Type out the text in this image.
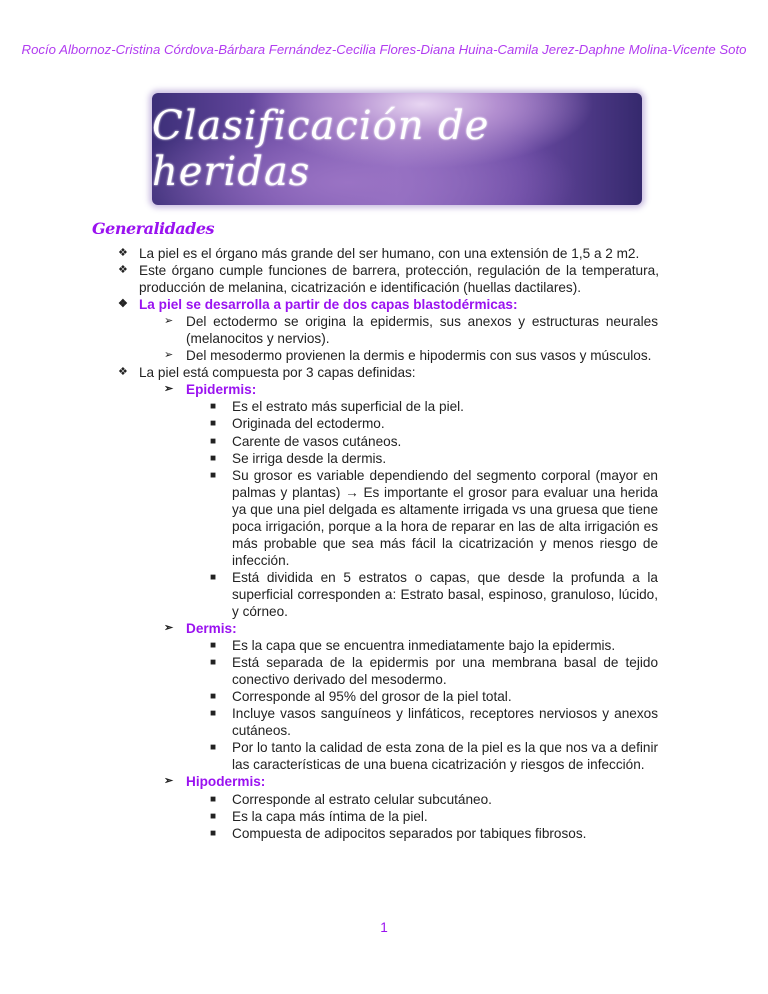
Rocío Albornoz-Cristina Córdova-Bárbara Fernández-Cecilia Flores-Diana Huina-Camila Jerez-Daphne Molina-Vicente Soto
Clasificación de heridas
Generalidades
❖ La piel es el órgano más grande del ser humano, con una extensión de 1,5 a 2 m2.
❖ Este órgano cumple funciones de barrera, protección, regulación de la temperatura, producción de melanina, cicatrización e identificación (huellas dactilares).
❖ La piel se desarrolla a partir de dos capas blastodérmicas:
➢ Del ectodermo se origina la epidermis, sus anexos y estructuras neurales (melanocitos y nervios).
➢ Del mesodermo provienen la dermis e hipodermis con sus vasos y músculos.
❖ La piel está compuesta por 3 capas definidas:
➢ Epidermis:
■ Es el estrato más superficial de la piel.
■ Originada del ectodermo.
■ Carente de vasos cutáneos.
■ Se irriga desde la dermis.
■ Su grosor es variable dependiendo del segmento corporal (mayor en palmas y plantas) → Es importante el grosor para evaluar una herida ya que una piel delgada es altamente irrigada vs una gruesa que tiene poca irrigación, porque a la hora de reparar en las de alta irrigación es más probable que sea más fácil la cicatrización y menos riesgo de infección.
■ Está dividida en 5 estratos o capas, que desde la profunda a la superficial corresponden a: Estrato basal, espinoso, granuloso, lúcido, y córneo.
➢ Dermis:
■ Es la capa que se encuentra inmediatamente bajo la epidermis.
■ Está separada de la epidermis por una membrana basal de tejido conectivo derivado del mesodermo.
■ Corresponde al 95% del grosor de la piel total.
■ Incluye vasos sanguíneos y linfáticos, receptores nerviosos y anexos cutáneos.
■ Por lo tanto la calidad de esta zona de la piel es la que nos va a definir las características de una buena cicatrización y riesgos de infección.
➢ Hipodermis:
■ Corresponde al estrato celular subcutáneo.
■ Es la capa más íntima de la piel.
■ Compuesta de adipocitos separados por tabiques fibrosos.
1
